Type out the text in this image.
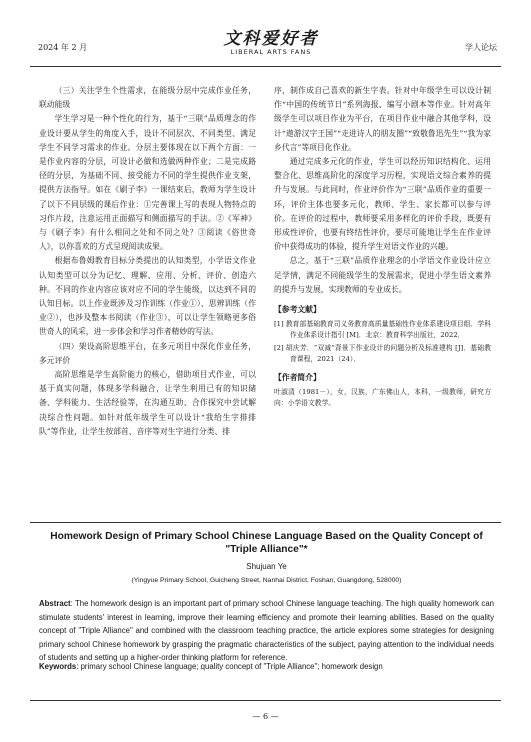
2024 年 2 月	文科爱好者
LIBERAL ARTS FANS	学人论坛

（三）关注学生个性需求，在能级分层中完成作业任务，联动能级

学生学习是一种个性化的行为，基于“三联”品质理念的作业设计要从学生的角度入手，设计不同层次、不同类型、满足学生不同学习需求的作业。分层主要体现在以下两个方面：一是作业内容的分层，可设计必做和选做两种作业；二是完成路径的分层，为基础不同、接受能力不同的学生提供作业支架，提供方法指导。如在《刷子李》一课结束后，教师为学生设计了以下不同层级的课后作业：①完善课上写的表现人物特点的习作片段，注意运用正面描写和侧面描写的手法。②《军神》与《刷子李》有什么相同之处和不同之处？③阅读《俗世奇人》，以你喜欢的方式呈现阅读成果。

根据布鲁姆教育目标分类提出的认知类型，小学语文作业认知类型可以分为记忆、理解、应用、分析、评价、创造六种。不同的作业内容应该对应不同的学生能级，以达到不同的认知目标。以上作业既涉及习作训练（作业①）、思辨训练（作业②），也涉及整本书阅读（作业③），可以让学生领略更多俗世奇人的风采，进一步体会和学习作者精妙的写法。

（四）架设高阶思维平台，在多元项目中深化作业任务，多元评价

高阶思维是学生高阶能力的核心，借助项目式作业，可以基于真实问题，体现多学科融合，让学生利用已有的知识储备、学科能力、生活经验等，在沟通互助、合作探究中尝试解决综合性问题。如针对低年级学生可以设计“我给生字排排队”等作业，让学生按部首、音序等对生字进行分类、排

序，制作成自己喜欢的新生字表。针对中年级学生可以设计制作“中国的传统节日”系列海报、编写小剧本等作业。针对高年级学生可以项目作业为平台，在项目作业中融合其他学科，设计“遨游汉字王国”“走进诗人的朋友圈”“致敬鲁迅先生”“我为家乡代言”等项目化作业。

通过完成多元化的作业，学生可以经历知识结构化、运用整合化、思维高阶化的深度学习历程，实现语文综合素养的提升与发展。与此同时，作业评价作为“三联”品质作业的重要一环，评价主体也要多元化，教师、学生、家长都可以参与评价。在评价的过程中，教师要采用多样化的评价手段，既要有形成性评价，也要有终结性评价，要尽可能地让学生在作业评价中获得成功的体验，提升学生对语文作业的兴趣。

总之，基于“三联”品质作业理念的小学语文作业设计应立足学情，满足不同能级学生的发展需求，促进小学生语文素养的提升与发展，实现教师的专业成长。

【参考文献】
[1] 教育部基础教育司义务教育高质量基础性作业体系建设项目组．学科作业体系设计指引 [M]．北京：教育科学出版社，2022．
[2] 胡庆芳．“双减”背景下作业设计的问题分析及标准建构 [J]．基础教育课程，2021（24）．
【作者简介】
叶淑清（1981－），女，汉族，广东佛山人，本科，一级教师，研究方向：小学语文教学。
Homework Design of Primary School Chinese Language Based on the Quality Concept of "Triple Alliance"*
Shujuan Ye
(Yingyue Primary School, Guicheng Street, Nanhai District, Foshan, Guangdong, 528000)
Abstract: The homework design is an important part of primary school Chinese language teaching. The high quality homework can stimulate students' interest in learning, improve their learning efficiency and promote their learning abilities. Based on the quality concept of "Triple Alliance" and combined with the classroom teaching practice, the article explores some strategies for designing primary school Chinese homework by grasping the pragmatic characteristics of the subject, paying attention to the individual needs of students and setting up a higher-order thinking platform for reference.
Keywords: primary school Chinese language; quality concept of "Triple Alliance"; homework design
— 6 —
